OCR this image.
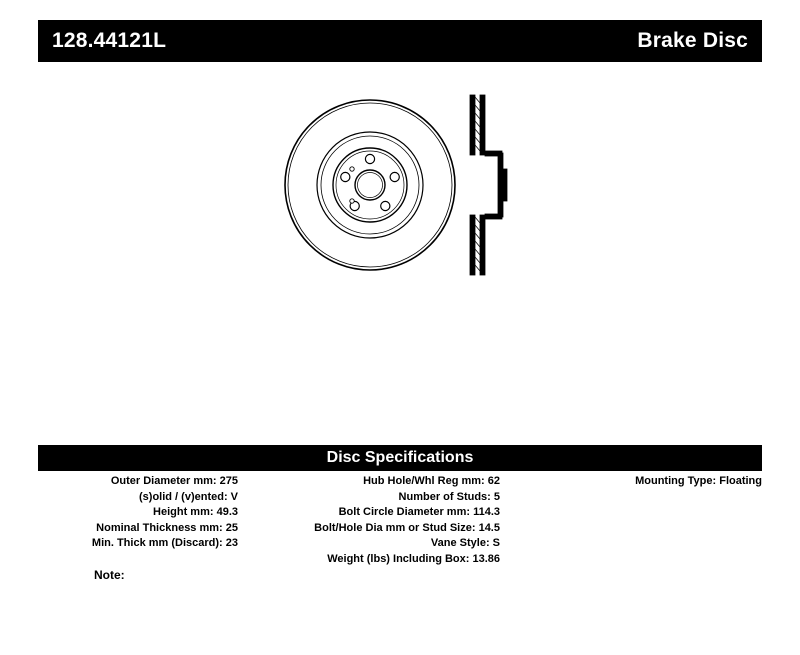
128.44121L	Brake Disc
Disc Specifications
Outer Diameter mm: 275
(s)olid / (v)ented: V
Height mm: 49.3
Nominal Thickness mm: 25
Min. Thick mm (Discard): 23
Hub Hole/Whl Reg mm: 62
Number of Studs: 5
Bolt Circle Diameter mm: 114.3
Bolt/Hole Dia mm or Stud Size: 14.5
Vane Style: S
Weight (lbs) Including Box: 13.86
Mounting Type: Floating
Note:
